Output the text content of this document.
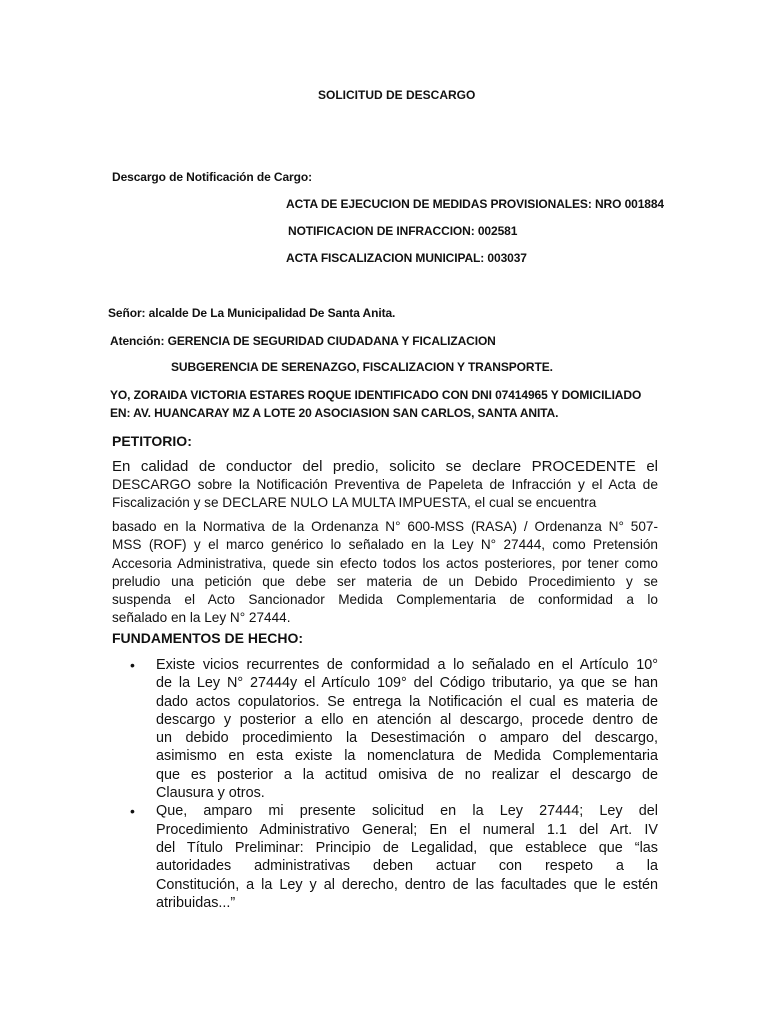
SOLICITUD DE DESCARGO
Descargo de Notificación de Cargo:
ACTA DE EJECUCION DE MEDIDAS PROVISIONALES: NRO 001884
NOTIFICACION DE INFRACCION: 002581
ACTA FISCALIZACION MUNICIPAL: 003037
Señor: alcalde De La Municipalidad De Santa Anita.
Atención: GERENCIA DE SEGURIDAD CIUDADANA Y FICALIZACION
SUBGERENCIA DE SERENAZGO, FISCALIZACION Y TRANSPORTE.
YO, ZORAIDA VICTORIA ESTARES ROQUE IDENTIFICADO CON DNI 07414965 Y DOMICILIADO
EN: AV. HUANCARAY MZ A LOTE 20 ASOCIASION SAN CARLOS, SANTA ANITA.
PETITORIO:
En calidad de conductor del predio, solicito se declare PROCEDENTE el
DESCARGO sobre la Notificación Preventiva de Papeleta de Infracción y el Acta de
Fiscalización y se DECLARE NULO LA MULTA IMPUESTA, el cual se encuentra
basado en la Normativa de la Ordenanza N° 600-MSS (RASA) / Ordenanza N° 507-
MSS (ROF) y el marco genérico lo señalado en la Ley N° 27444, como Pretensión
Accesoria Administrativa, quede sin efecto todos los actos posteriores, por tener como
preludio una petición que debe ser materia de un Debido Procedimiento y se
suspenda el Acto Sancionador Medida Complementaria de conformidad a lo
señalado en la Ley N° 27444.
FUNDAMENTOS DE HECHO:
• Existe vicios recurrentes de conformidad a lo señalado en el Artículo 10°
de la Ley N° 27444y el Artículo 109° del Código tributario, ya que se han
dado actos copulatorios. Se entrega la Notificación el cual es materia de
descargo y posterior a ello en atención al descargo, procede dentro de
un debido procedimiento la Desestimación o amparo del descargo,
asimismo en esta existe la nomenclatura de Medida Complementaria
que es posterior a la actitud omisiva de no realizar el descargo de
Clausura y otros.
• Que, amparo mi presente solicitud en la Ley 27444; Ley del
Procedimiento Administrativo General; En el numeral 1.1 del Art. IV
del Título Preliminar: Principio de Legalidad, que establece que “las
autoridades administrativas deben actuar con respeto a la
Constitución, a la Ley y al derecho, dentro de las facultades que le estén
atribuidas...”
